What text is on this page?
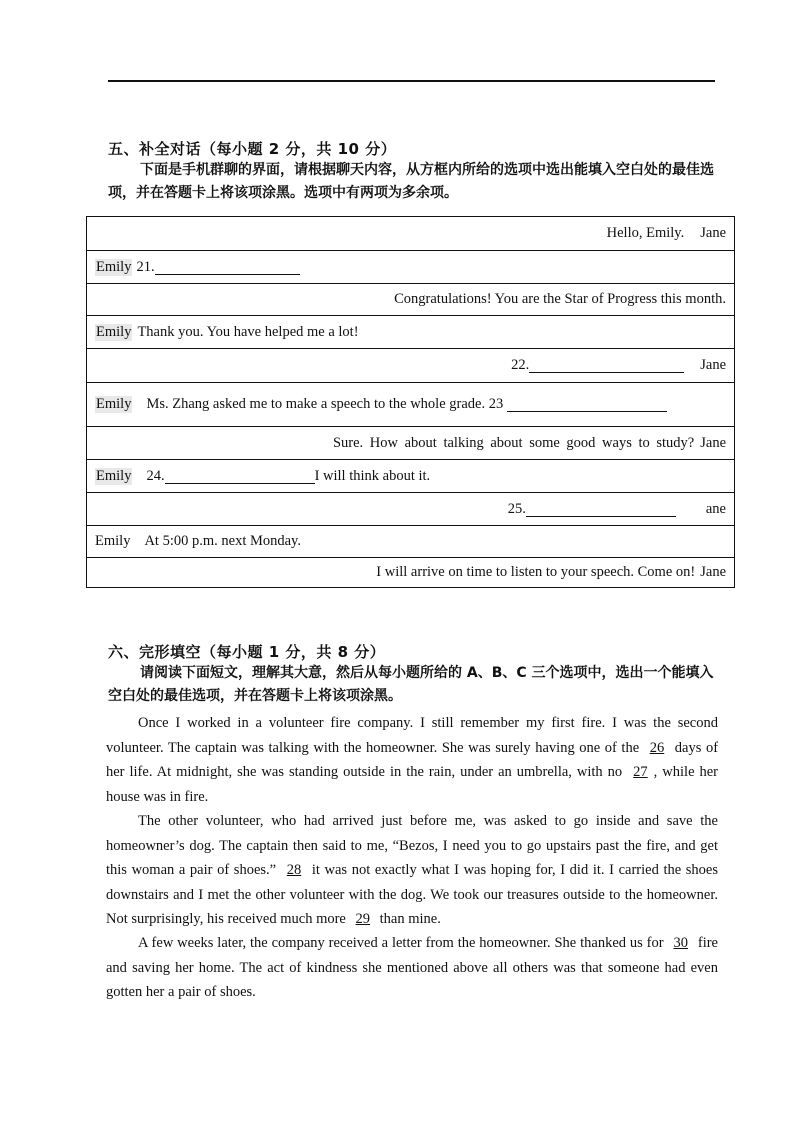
五、补全对话（每小题 2 分，共 10 分）
下面是手机群聊的界面，请根据聊天内容，从方框内所给的选项中选出能填入空白处的最佳选项，并在答题卡上将该项涂黑。选项中有两项为多余项。
Hello, Emily. Jane
Emily 21.
Congratulations! You are the Star of Progress this month.
Emily Thank you. You have helped me a lot!
22.	Jane
Emily Ms. Zhang asked me to make a speech to the whole grade. 23
Sure. How about talking about some good ways to study? Jane
Emily 24.	I will think about it.
25.	ane
Emily At 5:00 p.m. next Monday.
I will arrive on time to listen to your speech. Come on! Jane
六、完形填空（每小题 1 分，共 8 分）
请阅读下面短文，理解其大意，然后从每小题所给的 A、B、C 三个选项中，选出一个能填入空白处的最佳选项，并在答题卡上将该项涂黑。
Once I worked in a volunteer fire company. I still remember my first fire. I was the second volunteer. The captain was talking with the homeowner. She was surely having one of the 26 days of her life. At midnight, she was standing outside in the rain, under an umbrella, with no 27 , while her house was in fire.
The other volunteer, who had arrived just before me, was asked to go inside and save the homeowner’s dog. The captain then said to me, “Bezos, I need you to go upstairs past the fire, and get this woman a pair of shoes.” 28 it was not exactly what I was hoping for, I did it. I carried the shoes downstairs and I met the other volunteer with the dog. We took our treasures outside to the homeowner. Not surprisingly, his received much more 29 than mine.
A few weeks later, the company received a letter from the homeowner. She thanked us for 30 fire and saving her home. The act of kindness she mentioned above all others was that someone had even gotten her a pair of shoes.
